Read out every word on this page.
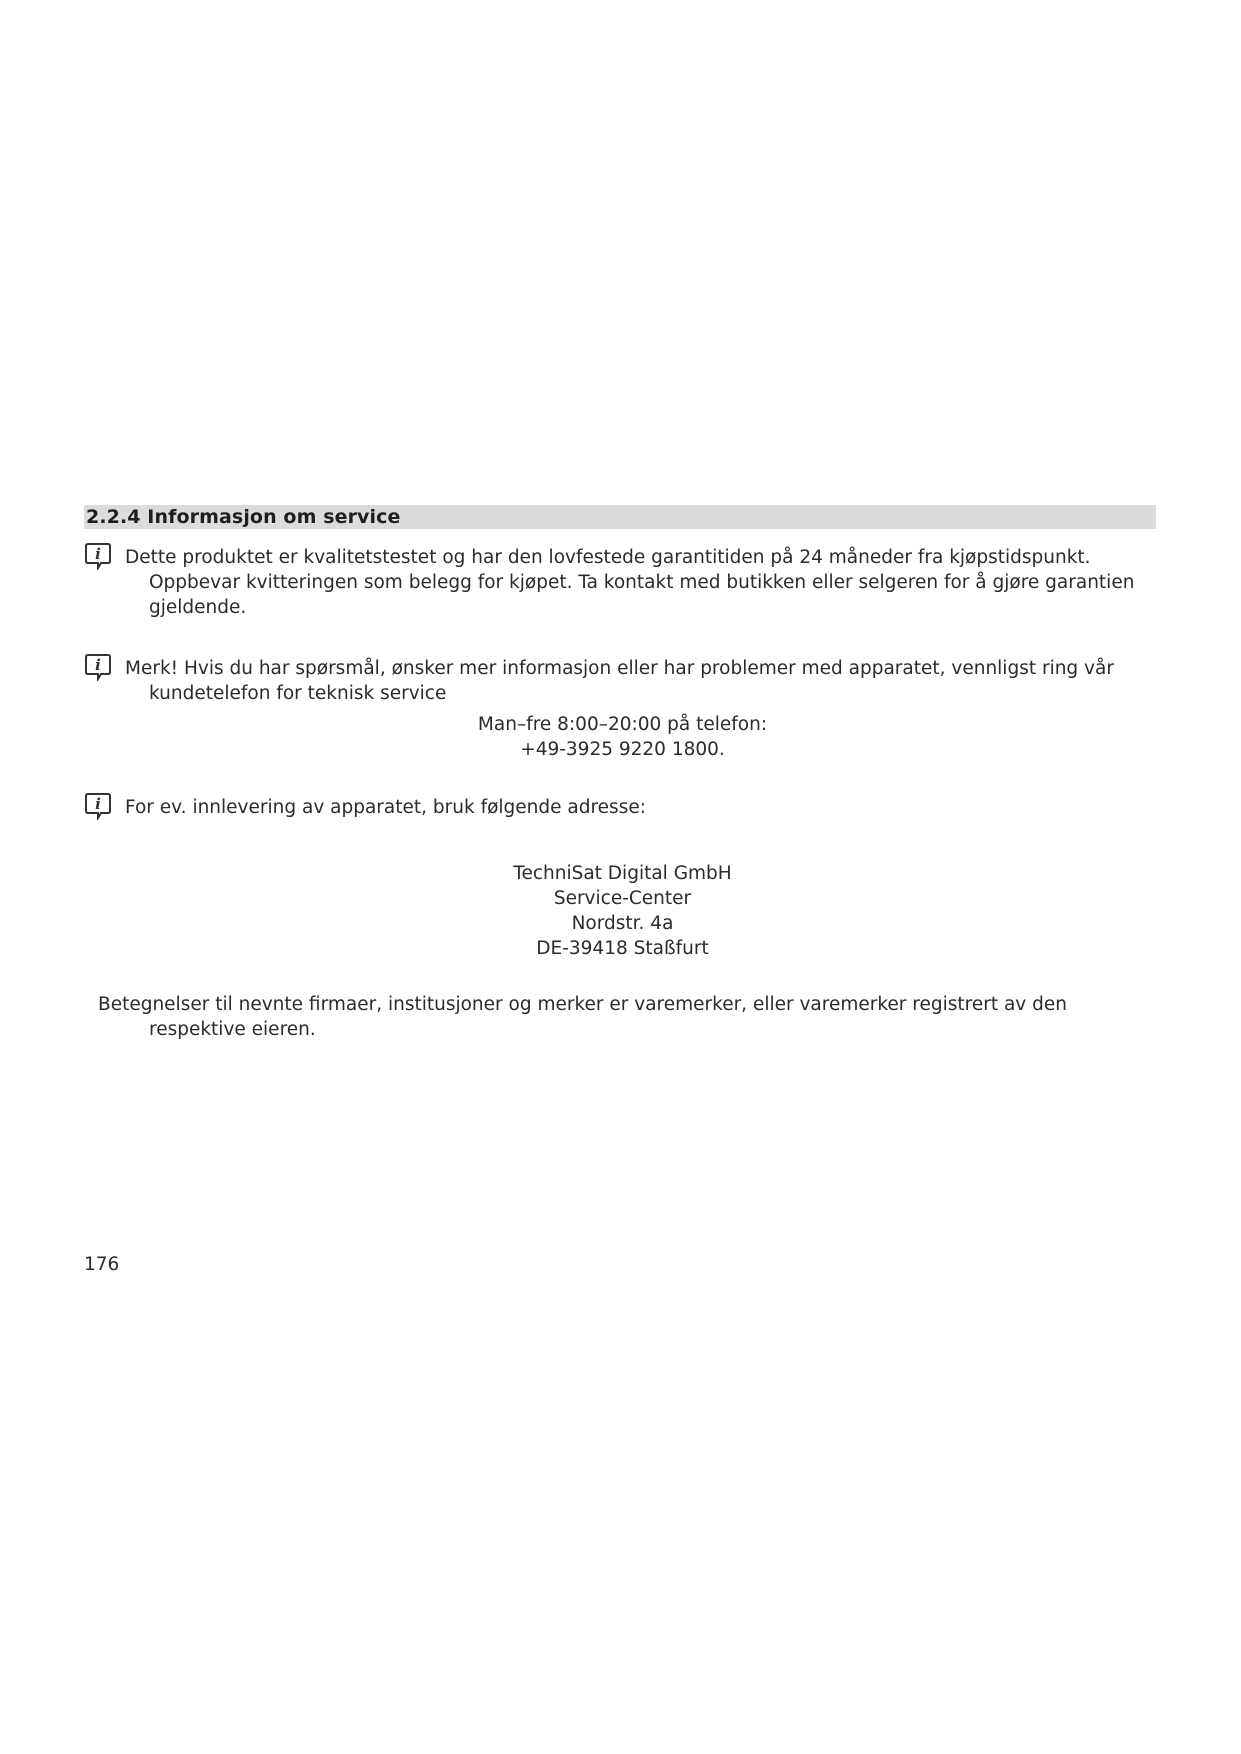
2.2.4 Informasjon om service
i Dette produktet er kvalitetstestet og har den lovfestede garantitiden på 24 måneder fra kjøpstidspunkt.
Oppbevar kvitteringen som belegg for kjøpet. Ta kontakt med butikken eller selgeren for å gjøre garantien
gjeldende.
i Merk! Hvis du har spørsmål, ønsker mer informasjon eller har problemer med apparatet, vennligst ring vår
kundetelefon for teknisk service
Man–fre 8:00–20:00 på telefon:
+49-3925 9220 1800.
i For ev. innlevering av apparatet, bruk følgende adresse:
TechniSat Digital GmbH
Service-Center
Nordstr. 4a
DE-39418 Staßfurt
Betegnelser til nevnte firmaer, institusjoner og merker er varemerker, eller varemerker registrert av den
respektive eieren.
176
